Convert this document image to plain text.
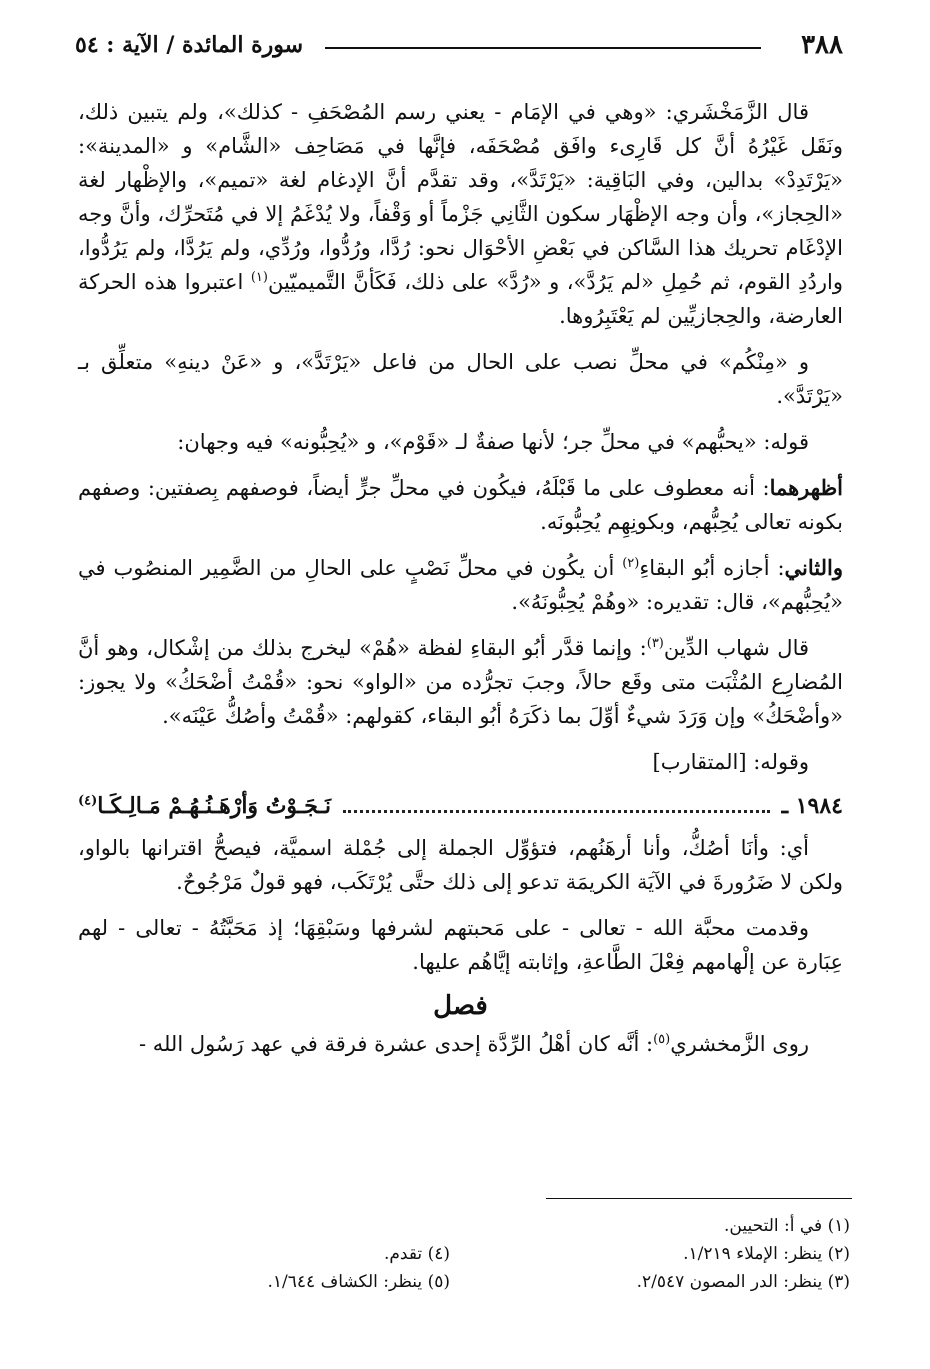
٣٨٨
سورة المائدة / الآية : ٥٤

قال الزَّمَخْشَري: «وهي في الإمَام - يعني رسم المُصْحَفِ - كذلك»، ولم يتبين ذلك، ونَقَل غَيْرُهُ أنَّ كل قَارِىء وافَق مُصْحَفَه، فإنَّها في مَصَاحِف «الشَّام» و «المدينة»: «يَرْتَدِدْ» بدالين، وفي البَاقِية: «يَرْتَدَّ»، وقد تقدَّم أنَّ الإدغام لغة «تميم»، والإظْهار لغة «الحِجاز»، وأن وجه الإظْهَار سكون الثَّانِي جَزْماً أو وَقْفاً، ولا يُدْغَمُ إلا في مُتَحرِّك، وأنَّ وجه الإدْغَام تحريك هذا السَّاكن في بَعْضِ الأحْوَال نحو: رُدَّا، ورُدُّوا، ورُدِّي، ولم يَرُدَّا، ولم يَرُدُّوا، واردُدِ القوم، ثم حُمِلِ «لم يَرُدَّ»، و «رُدَّ» على ذلك، فَكَأنَّ التَّميميّين$^{(١)}$ اعتبروا هذه الحركة العارضة، والحِجازيِّين لم يَعْتَبِرُوها.

و «مِنْكُم» في محلِّ نصب على الحال من فاعل «يَرْتَدَّ»، و «عَنْ دينهِ» متعلِّق بـ «يَرْتَدَّ».

قوله: «يحبُّهم» في محلِّ جر؛ لأنها صفةٌ لـ «قَوْم»، و «يُحِبُّونه» فيه وجهان:

أظهرهما: أنه معطوف على ما قَبْلَهُ، فيكُون في محلِّ جرٍّ أيضاً، فوصفهم بِصفتين: وصفهم بكونه تعالى يُحِبُّهم، وبكونِهِم يُحِبُّونَه.

والثاني: أجازه أبُو البقاءِ$^{(٢)}$ أن يكُون في محلِّ نَصْبٍ على الحالِ من الضَّمِير المنصُوب في «يُحِبُّهم»، قال: تقديره: «وهُمْ يُحِبُّونَهُ».

قال شهاب الدِّين$^{(٣)}$: وإنما قدَّر أبُو البقاءِ لفظة «هُمْ» ليخرج بذلك من إشْكال، وهو أنَّ المُضارِع المُثْبَت متى وقَع حالاً، وجبَ تجرُّده من «الواو» نحو: «قُمْتُ أضْحَكُ» ولا يجوز: «وأضْحَكُ» وإن وَرَدَ شيءٌ أوِّلَ بما ذكَرَهُ أبُو البقاء، كقولهم: «قُمْتُ وأصُكُّ عَيْنَه».

وقوله: [المتقارب]

١٩٨٤ ـ
نَـجَـوْتُ وَأرْهَـنُـهُـمْ مَـالِـكَـا$^{(٤)}$

أي: وأنَا أصُكُّ، وأنا أرهَنُهم، فتؤوِّل الجملة إلى جُمْلة اسميَّة، فيصحُّ اقترانها بالواو، ولكن لا ضَرُورةَ في الآيَة الكريمَة تدعو إلى ذلك حتَّى يُرْتَكَب، فهو قولٌ مَرْجُوحٌ.

وقدمت محبَّة الله - تعالى - على مَحبتهم لشرفها وسَبْقِهَا؛ إذ مَحَبَّتُهُ - تعالى - لهم عِبَارة عن إلْهامهم فِعْلَ الطَّاعةِ، وإثابته إيَّاهُم عليها.

فصل

روى الزَّمخشري$^{(٥)}$: أنَّه كان أهْلُ الرِّدَّة إحدى عشرة فرقة في عهد رَسُول الله -

(١) في أ: التحيين.
(٢) ينظر: الإملاء ١/٢١٩.
(٤) تقدم.
(٣) ينظر: الدر المصون ٢/٥٤٧.
(٥) ينظر: الكشاف ١/٦٤٤.
